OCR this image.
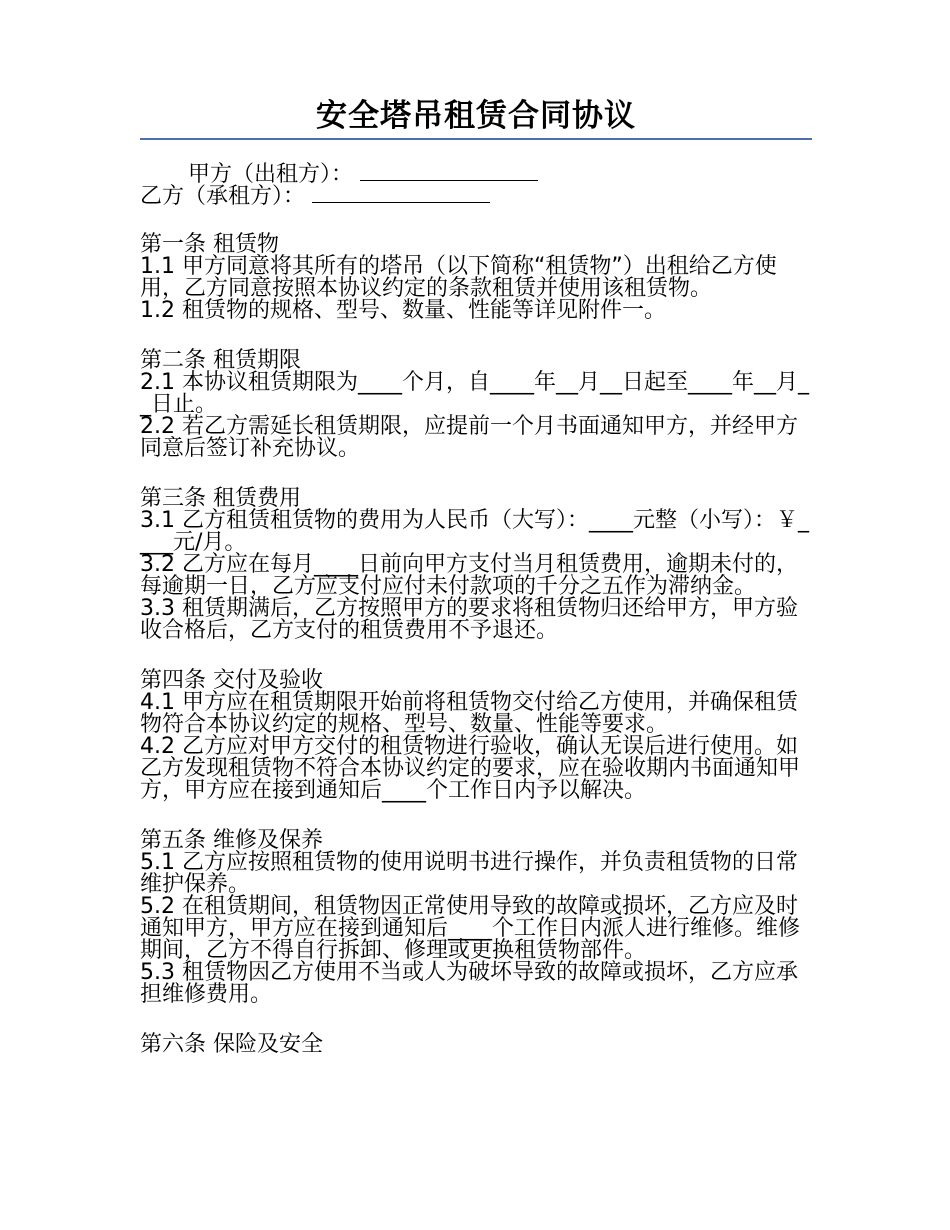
安全塔吊租赁合同协议

甲方（出租方）：

乙方（承租方）：

第一条 租赁物

1.1 甲方同意将其所有的塔吊（以下简称“租赁物”）出租给乙方使用，乙方同意按照本协议约定的条款租赁并使用该租赁物。

1.2 租赁物的规格、型号、数量、性能等详见附件一。

第二条 租赁期限

2.1 本协议租赁期限为____个月，自____年__月__日起至____年__月__日止。

2.2 若乙方需延长租赁期限，应提前一个月书面通知甲方，并经甲方同意后签订补充协议。

第三条 租赁费用

3.1 乙方租赁租赁物的费用为人民币（大写）：____元整（小写）：￥____元/月。

3.2 乙方应在每月____日前向甲方支付当月租赁费用，逾期未付的，每逾期一日，乙方应支付应付未付款项的千分之五作为滞纳金。

3.3 租赁期满后，乙方按照甲方的要求将租赁物归还给甲方，甲方验收合格后，乙方支付的租赁费用不予退还。

第四条 交付及验收

4.1 甲方应在租赁期限开始前将租赁物交付给乙方使用，并确保租赁物符合本协议约定的规格、型号、数量、性能等要求。

4.2 乙方应对甲方交付的租赁物进行验收，确认无误后进行使用。如乙方发现租赁物不符合本协议约定的要求，应在验收期内书面通知甲方，甲方应在接到通知后____个工作日内予以解决。

第五条 维修及保养

5.1 乙方应按照租赁物的使用说明书进行操作，并负责租赁物的日常维护保养。

5.2 在租赁期间，租赁物因正常使用导致的故障或损坏，乙方应及时通知甲方，甲方应在接到通知后____个工作日内派人进行维修。维修期间，乙方不得自行拆卸、修理或更换租赁物部件。

5.3 租赁物因乙方使用不当或人为破坏导致的故障或损坏，乙方应承担维修费用。

第六条 保险及安全
